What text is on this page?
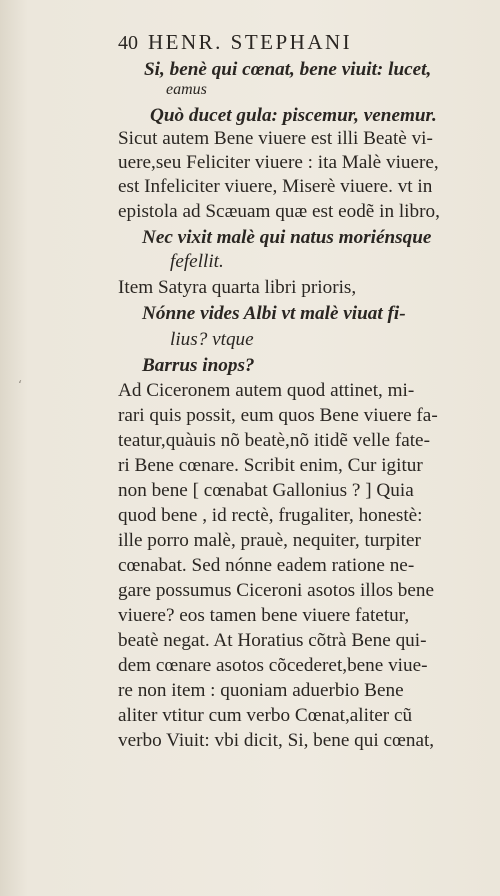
40 HENR. STEPHANI
Si, benè qui cœnat, bene viuit: lucet,
eamus
Quò ducet gula: piscemur, venemur.
Sicut autem Bene viuere est illi Beatè vi-
uere,seu Feliciter viuere : ita Malè viuere,
est Infeliciter viuere, Miserè viuere. vt in
epistola ad Scæuam quæ est eodẽ in libro,
Nec vixit malè qui natus moriénsque
fefellit.
Item Satyra quarta libri prioris,
Nónne vides Albi vt malè viuat fi-
lius? vtque
Barrus inops?
Ad Ciceronem autem quod attinet, mi-
rari quis possit, eum quos Bene viuere fa-
teatur,quàuis nõ beatè,nõ itidẽ velle fate-
ri Bene cœnare. Scribit enim, Cur igitur
non bene [ cœnabat Gallonius ? ] Quia
quod bene , id rectè, frugaliter, honestè:
ille porro malè, prauè, nequiter, turpiter
cœnabat. Sed nónne eadem ratione ne-
gare possumus Ciceroni asotos illos bene
viuere? eos tamen bene viuere fatetur,
beatè negat. At Horatius cõtrà Bene qui-
dem cœnare asotos cõcederet,bene viue-
re non item : quoniam aduerbio Bene
aliter vtitur cum verbo Cœnat,aliter cũ
verbo Viuit: vbi dicit, Si, bene qui cœnat,
‘
